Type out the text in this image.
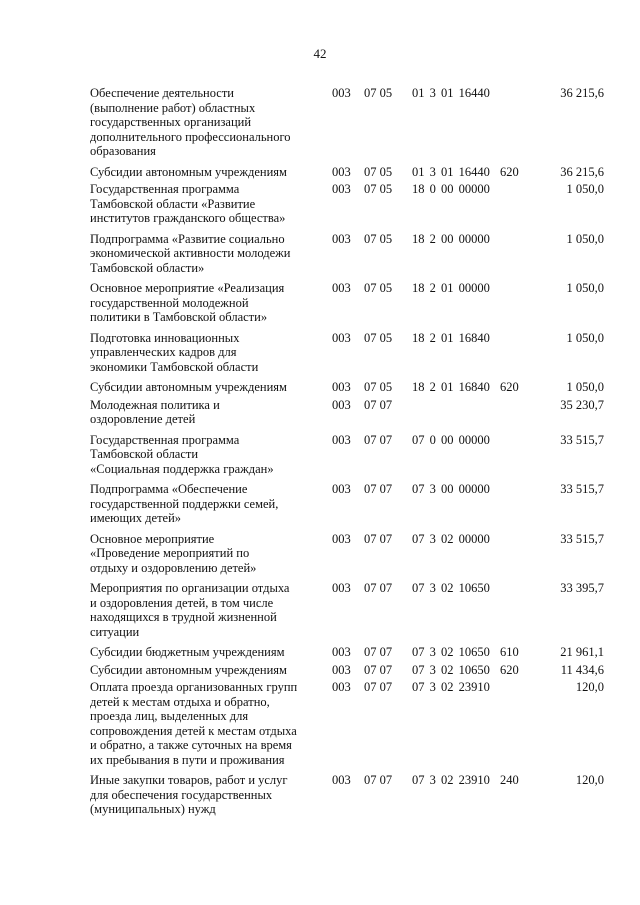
42
Обеспечение деятельности
(выполнение работ) областных
государственных организаций
дополнительного профессионального
образования
003 07 05 01 3 01 16440	36 215,6
Субсидии автономным учреждениям	003 07 05 01 3 01 16440 620	36 215,6
Государственная программа
Тамбовской области «Развитие
институтов гражданского общества»
003 07 05 18 0 00 00000	1 050,0
Подпрограмма «Развитие социально
экономической активности молодежи
Тамбовской области»
003 07 05 18 2 00 00000	1 050,0
Основное мероприятие «Реализация
государственной молодежной
политики в Тамбовской области»
003 07 05 18 2 01 00000	1 050,0
Подготовка инновационных
управленческих кадров для
экономики Тамбовской области
003 07 05 18 2 01 16840	1 050,0
Субсидии автономным учреждениям	003 07 05 18 2 01 16840 620	1 050,0
Молодежная политика и
оздоровление детей
003 07 07	35 230,7
Государственная программа
Тамбовской области
«Социальная поддержка граждан»
003 07 07 07 0 00 00000	33 515,7
Подпрограмма «Обеспечение
государственной поддержки семей,
имеющих детей»
003 07 07 07 3 00 00000	33 515,7
Основное мероприятие
«Проведение мероприятий по
отдыху и оздоровлению детей»
003 07 07 07 3 02 00000	33 515,7
Мероприятия по организации отдыха
и оздоровления детей, в том числе
находящихся в трудной жизненной
ситуации
003 07 07 07 3 02 10650	33 395,7
Субсидии бюджетным учреждениям	003 07 07 07 3 02 10650 610	21 961,1
Субсидии автономным учреждениям	003 07 07 07 3 02 10650 620	11 434,6
Оплата проезда организованных групп
детей к местам отдыха и обратно,
проезда лиц, выделенных для
сопровождения детей к местам отдыха
и обратно, а также суточных на время
их пребывания в пути и проживания
003 07 07 07 3 02 23910	120,0
Иные закупки товаров, работ и услуг
для обеспечения государственных
(муниципальных) нужд
003 07 07 07 3 02 23910 240	120,0
